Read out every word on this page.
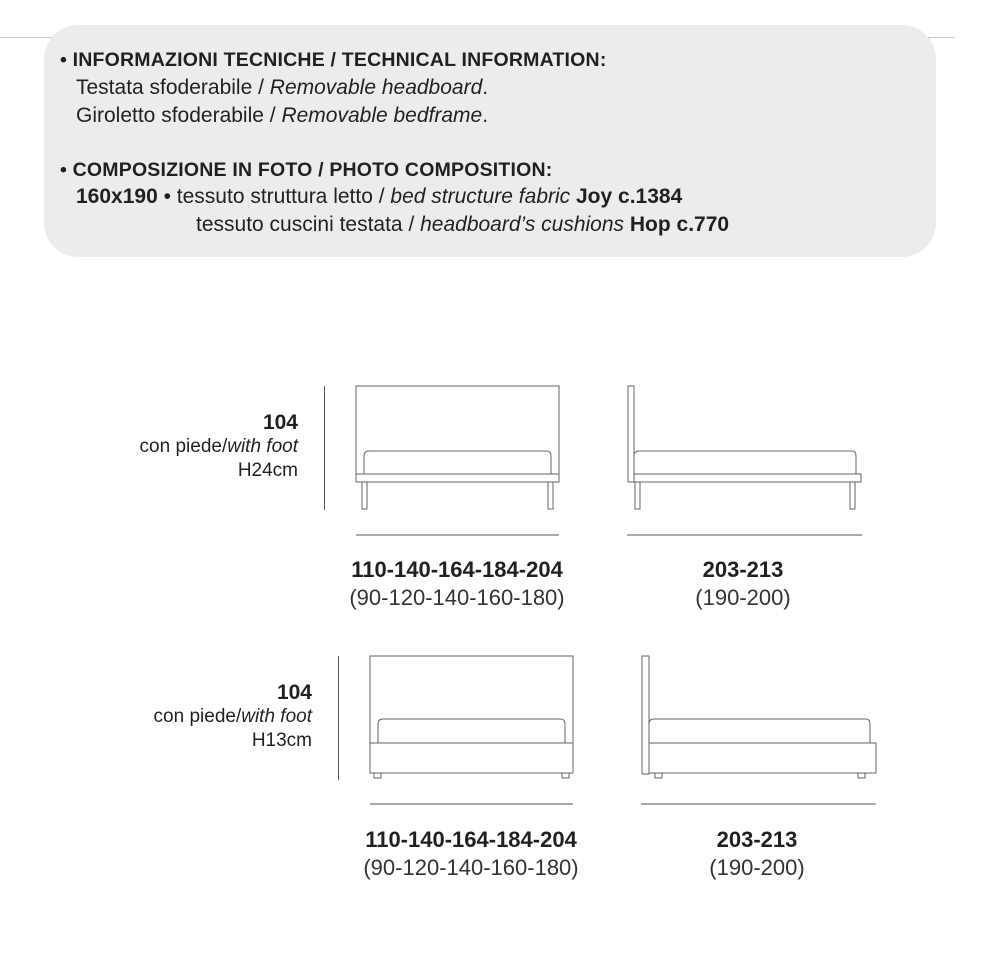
• INFORMAZIONI TECNICHE / TECHNICAL INFORMATION:
Testata sfoderabile / Removable headboard.
Giroletto sfoderabile / Removable bedframe.
• COMPOSIZIONE IN FOTO / PHOTO COMPOSITION:
160x190 • tessuto struttura letto / bed structure fabric Joy c.1384
tessuto cuscini testata / headboard’s cushions Hop c.770
104
con piede/with foot
H24cm
110-140-164-184-204
(90-120-140-160-180)
203-213
(190-200)
104
con piede/with foot
H13cm
110-140-164-184-204
(90-120-140-160-180)
203-213
(190-200)
